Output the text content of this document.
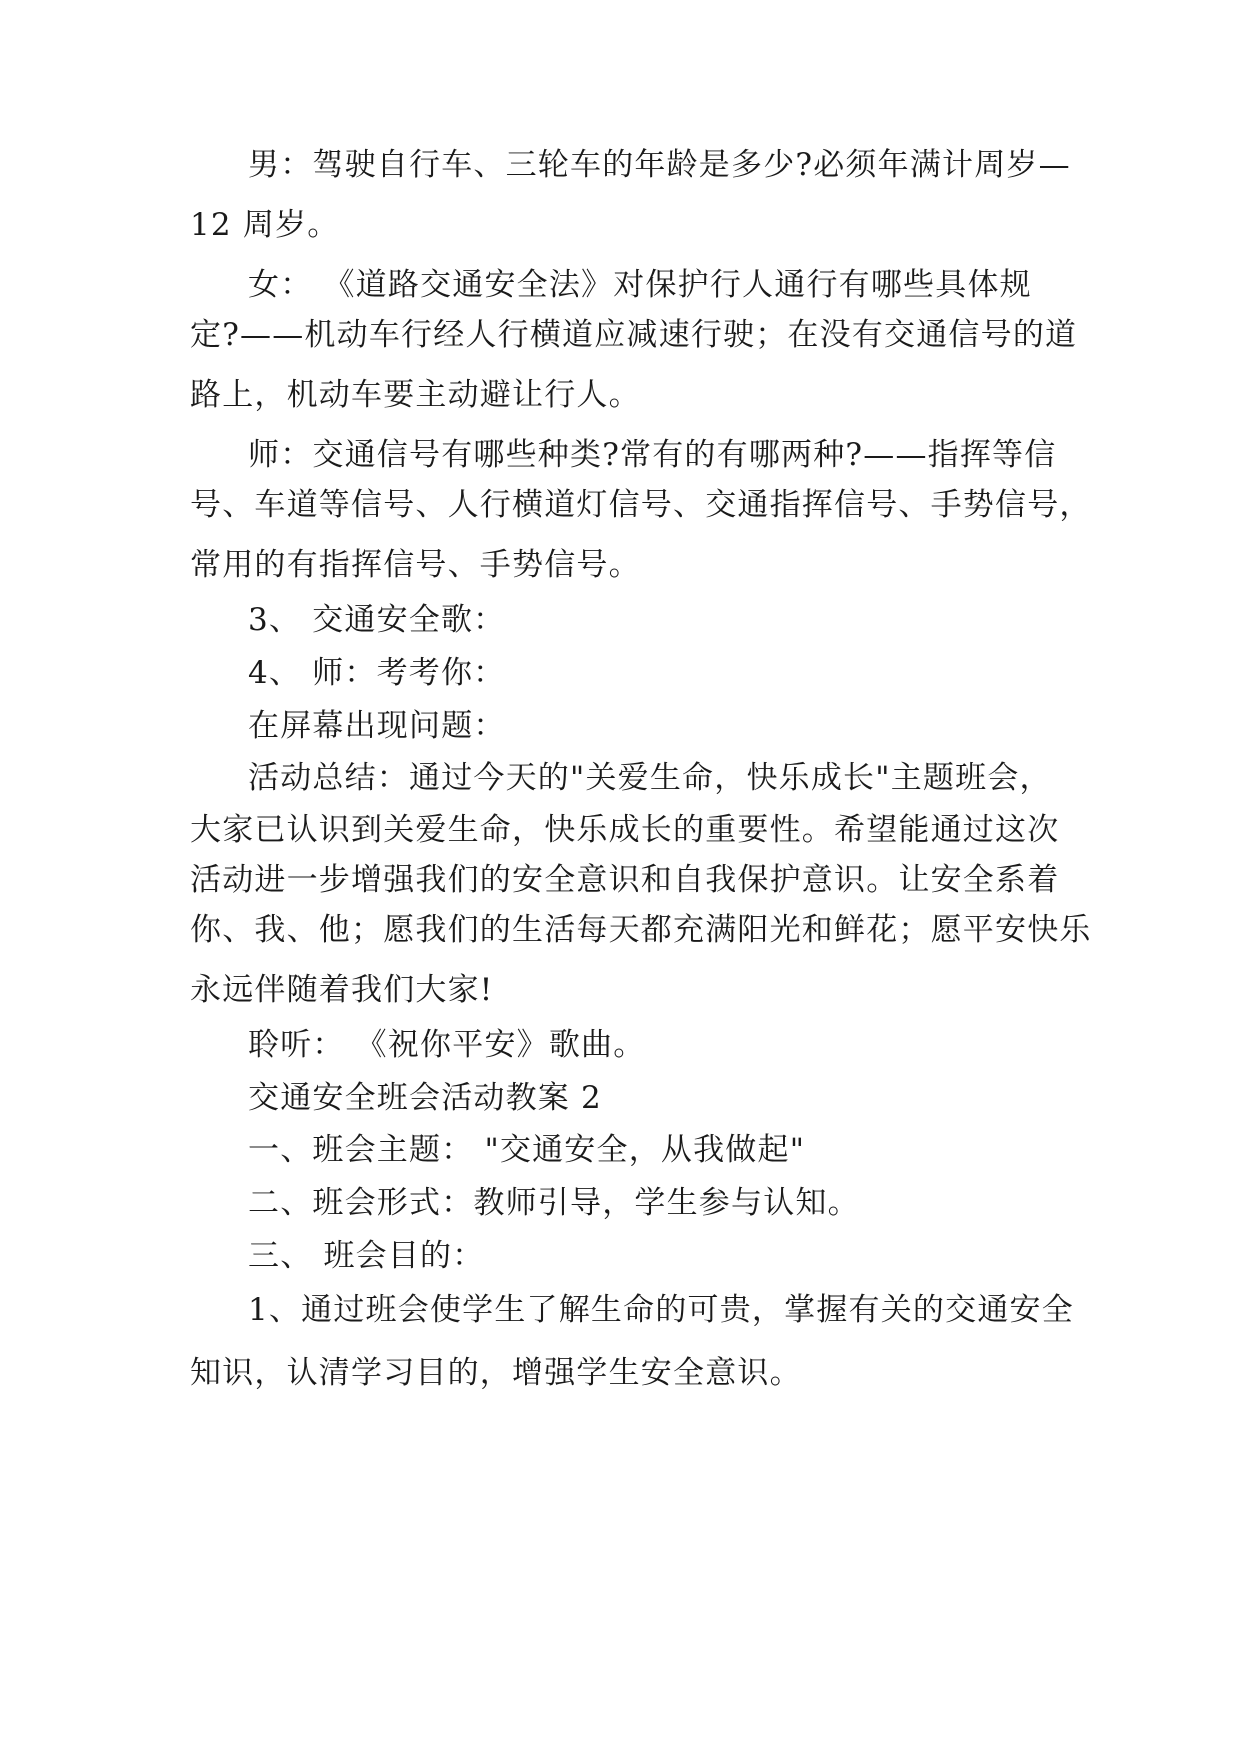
男：驾驶自行车、三轮车的年龄是多少?必须年满计周岁—
12 周岁。
女： 《道路交通安全法》对保护行人通行有哪些具体规
定?——机动车行经人行横道应减速行驶；在没有交通信号的道
路上，机动车要主动避让行人。
师：交通信号有哪些种类?常有的有哪两种?——指挥等信
号、车道等信号、人行横道灯信号、交通指挥信号、手势信号，
常用的有指挥信号、手势信号。
3、 交通安全歌：
4、 师：考考你：
在屏幕出现问题：
活动总结：通过今天的"关爱生命，快乐成长"主题班会，
大家已认识到关爱生命，快乐成长的重要性。希望能通过这次
活动进一步增强我们的安全意识和自我保护意识。让安全系着
你、我、他；愿我们的生活每天都充满阳光和鲜花；愿平安快乐
永远伴随着我们大家!
聆听： 《祝你平安》歌曲。
交通安全班会活动教案 2
一、班会主题： "交通安全，从我做起"
二、班会形式：教师引导，学生参与认知。
三、 班会目的：
1、通过班会使学生了解生命的可贵，掌握有关的交通安全
知识，认清学习目的，增强学生安全意识。
